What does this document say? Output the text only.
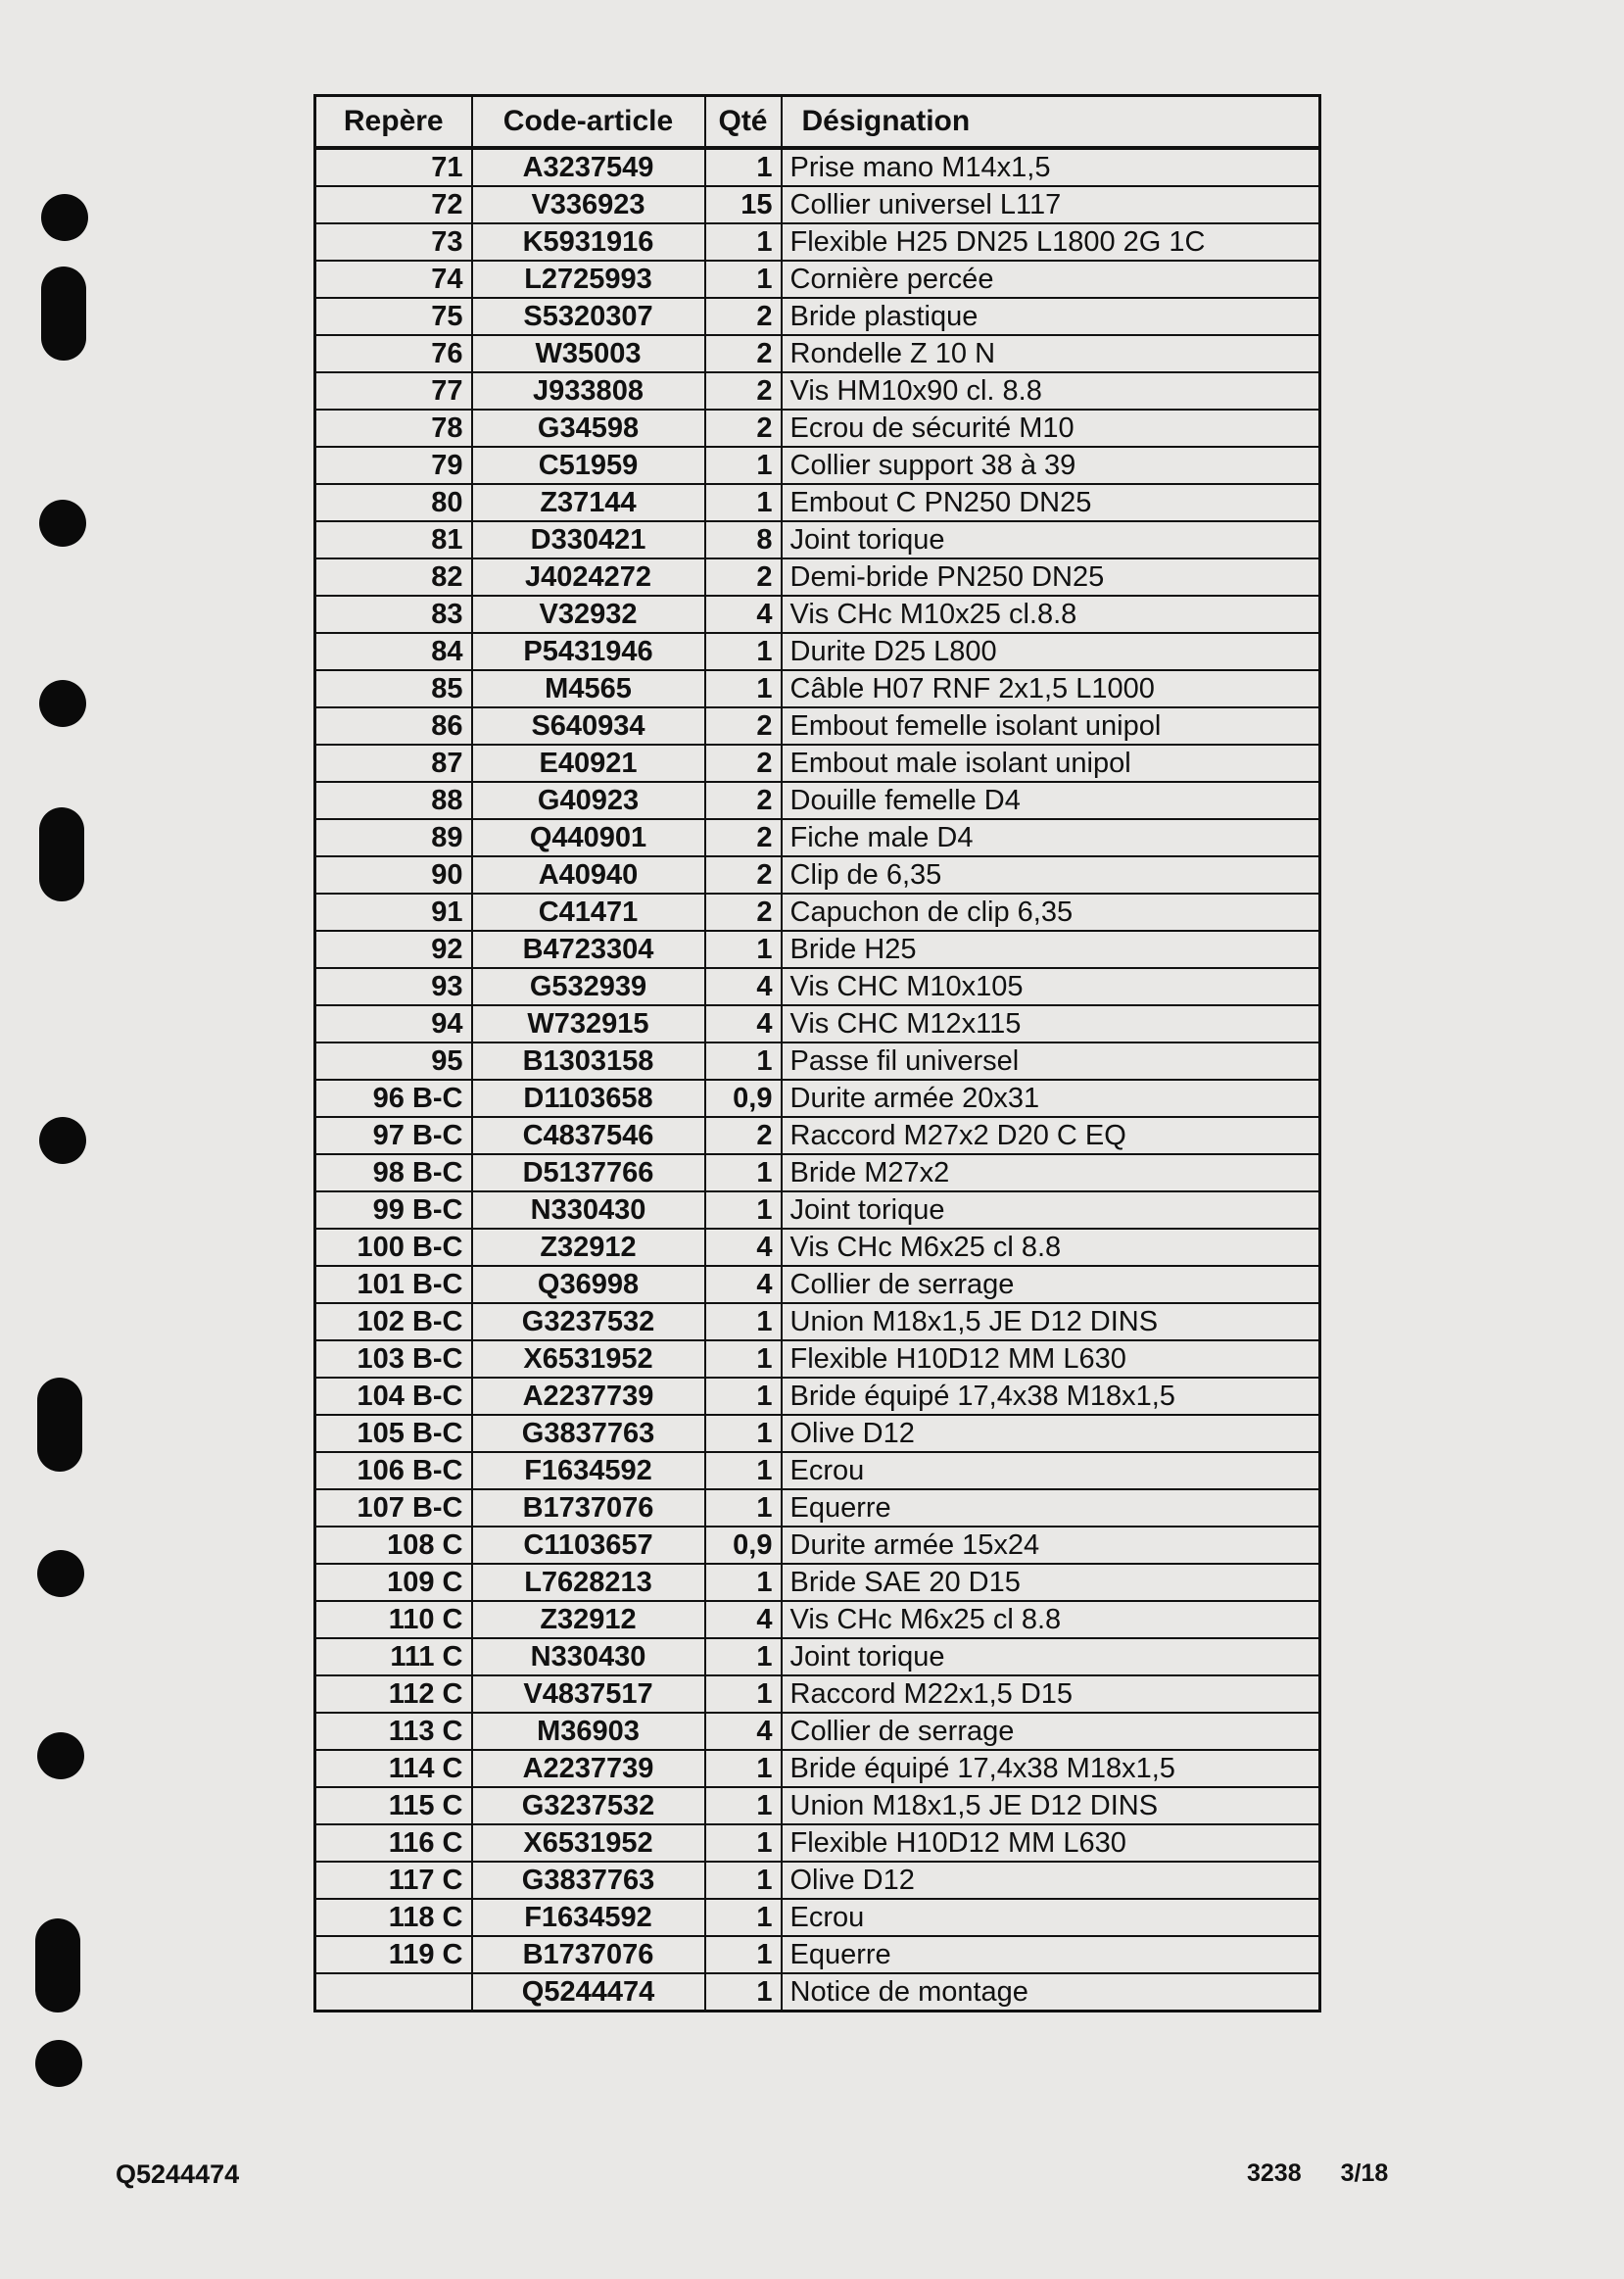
Repère	Code-article	Qté	Désignation
71	A3237549	1	Prise mano M14x1,5
72	V336923	15	Collier universel L117
73	K5931916	1	Flexible H25 DN25 L1800 2G 1C
74	L2725993	1	Cornière percée
75	S5320307	2	Bride plastique
76	W35003	2	Rondelle Z 10 N
77	J933808	2	Vis HM10x90 cl. 8.8
78	G34598	2	Ecrou de sécurité M10
79	C51959	1	Collier support 38 à 39
80	Z37144	1	Embout C PN250 DN25
81	D330421	8	Joint torique
82	J4024272	2	Demi-bride PN250 DN25
83	V32932	4	Vis CHc M10x25 cl.8.8
84	P5431946	1	Durite D25 L800
85	M4565	1	Câble H07 RNF 2x1,5 L1000
86	S640934	2	Embout femelle isolant unipol
87	E40921	2	Embout male isolant unipol
88	G40923	2	Douille femelle D4
89	Q440901	2	Fiche male D4
90	A40940	2	Clip de 6,35
91	C41471	2	Capuchon de clip 6,35
92	B4723304	1	Bride H25
93	G532939	4	Vis CHC M10x105
94	W732915	4	Vis CHC M12x115
95	B1303158	1	Passe fil universel
96 B-C	D1103658	0,9	Durite armée 20x31
97 B-C	C4837546	2	Raccord M27x2 D20 C EQ
98 B-C	D5137766	1	Bride M27x2
99 B-C	N330430	1	Joint torique
100 B-C	Z32912	4	Vis CHc M6x25 cl 8.8
101 B-C	Q36998	4	Collier de serrage
102 B-C	G3237532	1	Union M18x1,5 JE D12 DINS
103 B-C	X6531952	1	Flexible H10D12 MM L630
104 B-C	A2237739	1	Bride équipé 17,4x38 M18x1,5
105 B-C	G3837763	1	Olive D12
106 B-C	F1634592	1	Ecrou
107 B-C	B1737076	1	Equerre
108 C	C1103657	0,9	Durite armée 15x24
109 C	L7628213	1	Bride SAE 20 D15
110 C	Z32912	4	Vis CHc M6x25 cl 8.8
111 C	N330430	1	Joint torique
112 C	V4837517	1	Raccord M22x1,5 D15
113 C	M36903	4	Collier de serrage
114 C	A2237739	1	Bride équipé 17,4x38 M18x1,5
115 C	G3237532	1	Union M18x1,5 JE D12 DINS
116 C	X6531952	1	Flexible H10D12 MM L630
117 C	G3837763	1	Olive D12
118 C	F1634592	1	Ecrou
119 C	B1737076	1	Equerre
	Q5244474	1	Notice de montage
Q5244474	3238 3/18
